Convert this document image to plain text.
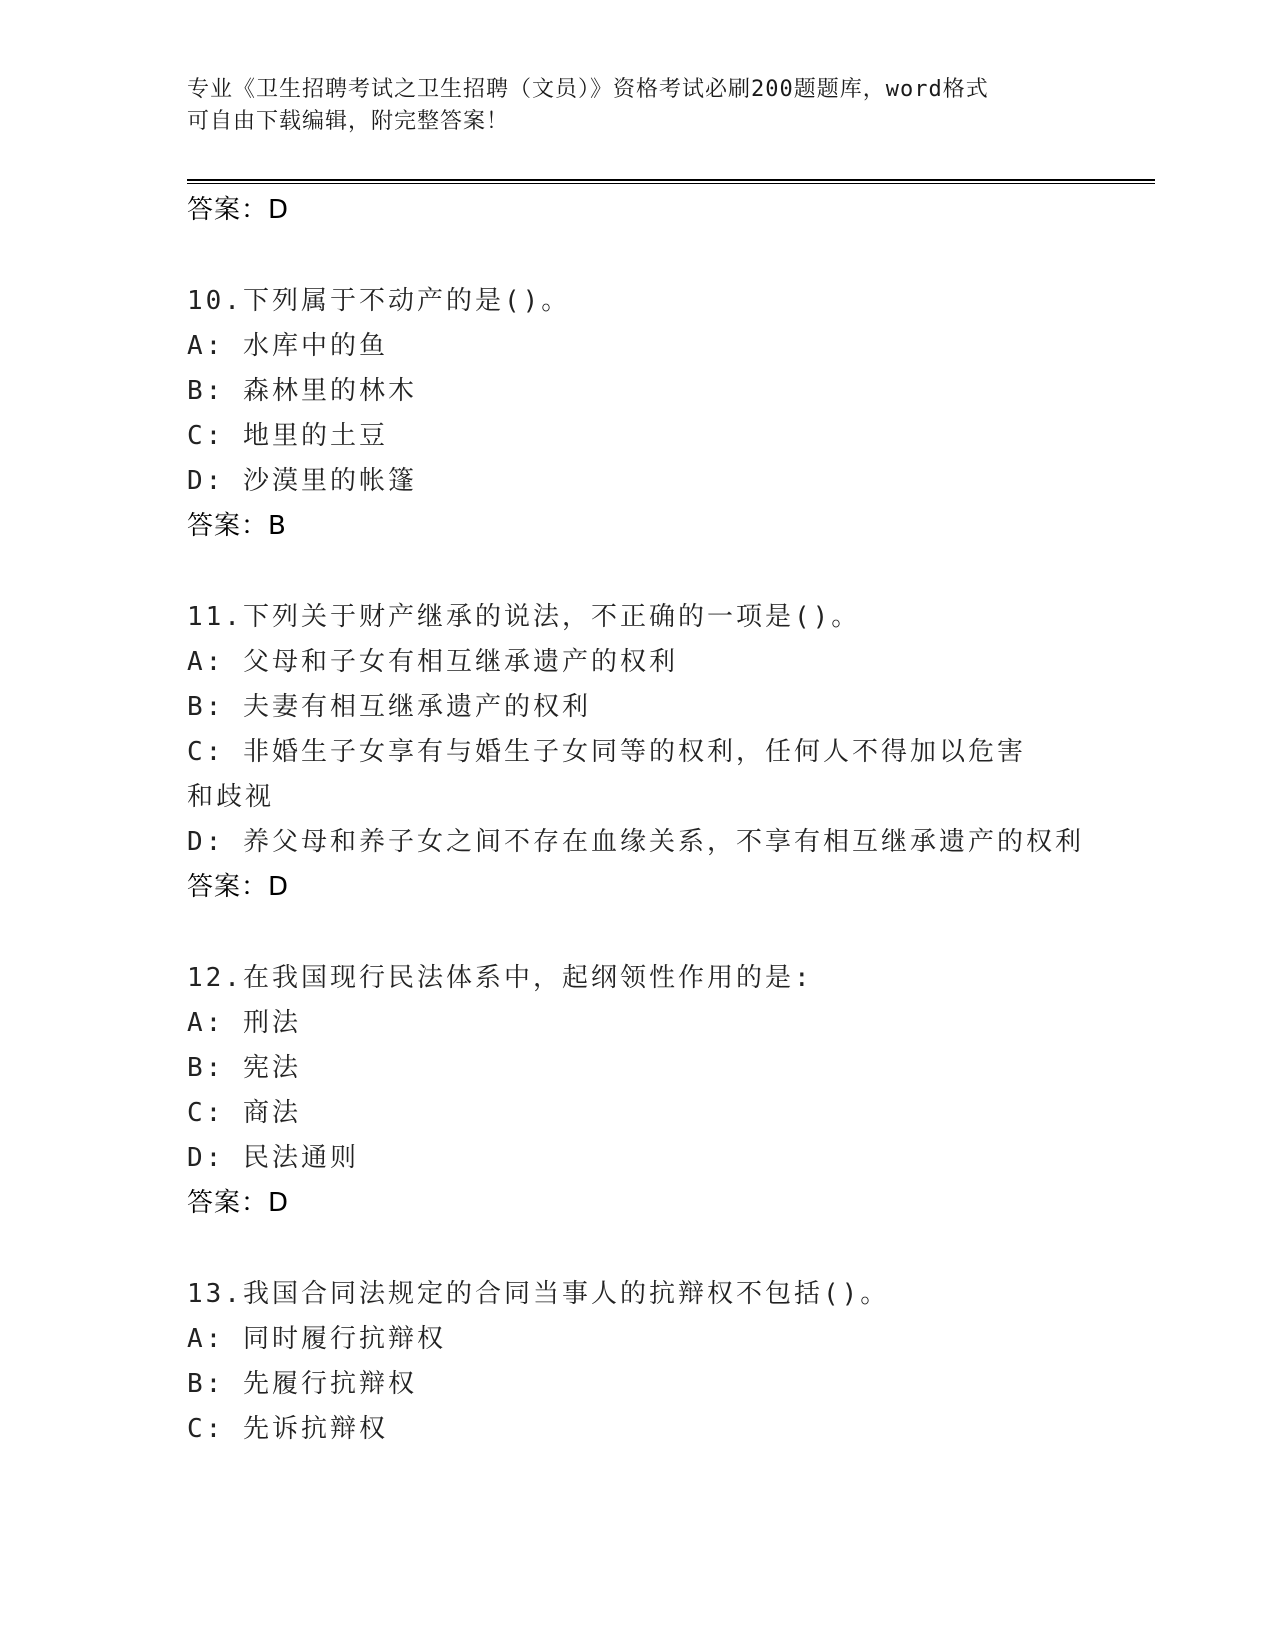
专业《卫生招聘考试之卫生招聘（文员）》资格考试必刷200题题库，word格式
可自由下载编辑，附完整答案！
答案：D
10.下列属于不动产的是()。
A: 水库中的鱼
B: 森林里的林木
C: 地里的土豆
D: 沙漠里的帐篷
答案：B
11.下列关于财产继承的说法，不正确的一项是()。
A: 父母和子女有相互继承遗产的权利
B: 夫妻有相互继承遗产的权利
C: 非婚生子女享有与婚生子女同等的权利，任何人不得加以危害和歧视
D: 养父母和养子女之间不存在血缘关系，不享有相互继承遗产的权利
答案：D
12.在我国现行民法体系中，起纲领性作用的是:
A: 刑法
B: 宪法
C: 商法
D: 民法通则
答案：D
13.我国合同法规定的合同当事人的抗辩权不包括()。
A: 同时履行抗辩权
B: 先履行抗辩权
C: 先诉抗辩权
